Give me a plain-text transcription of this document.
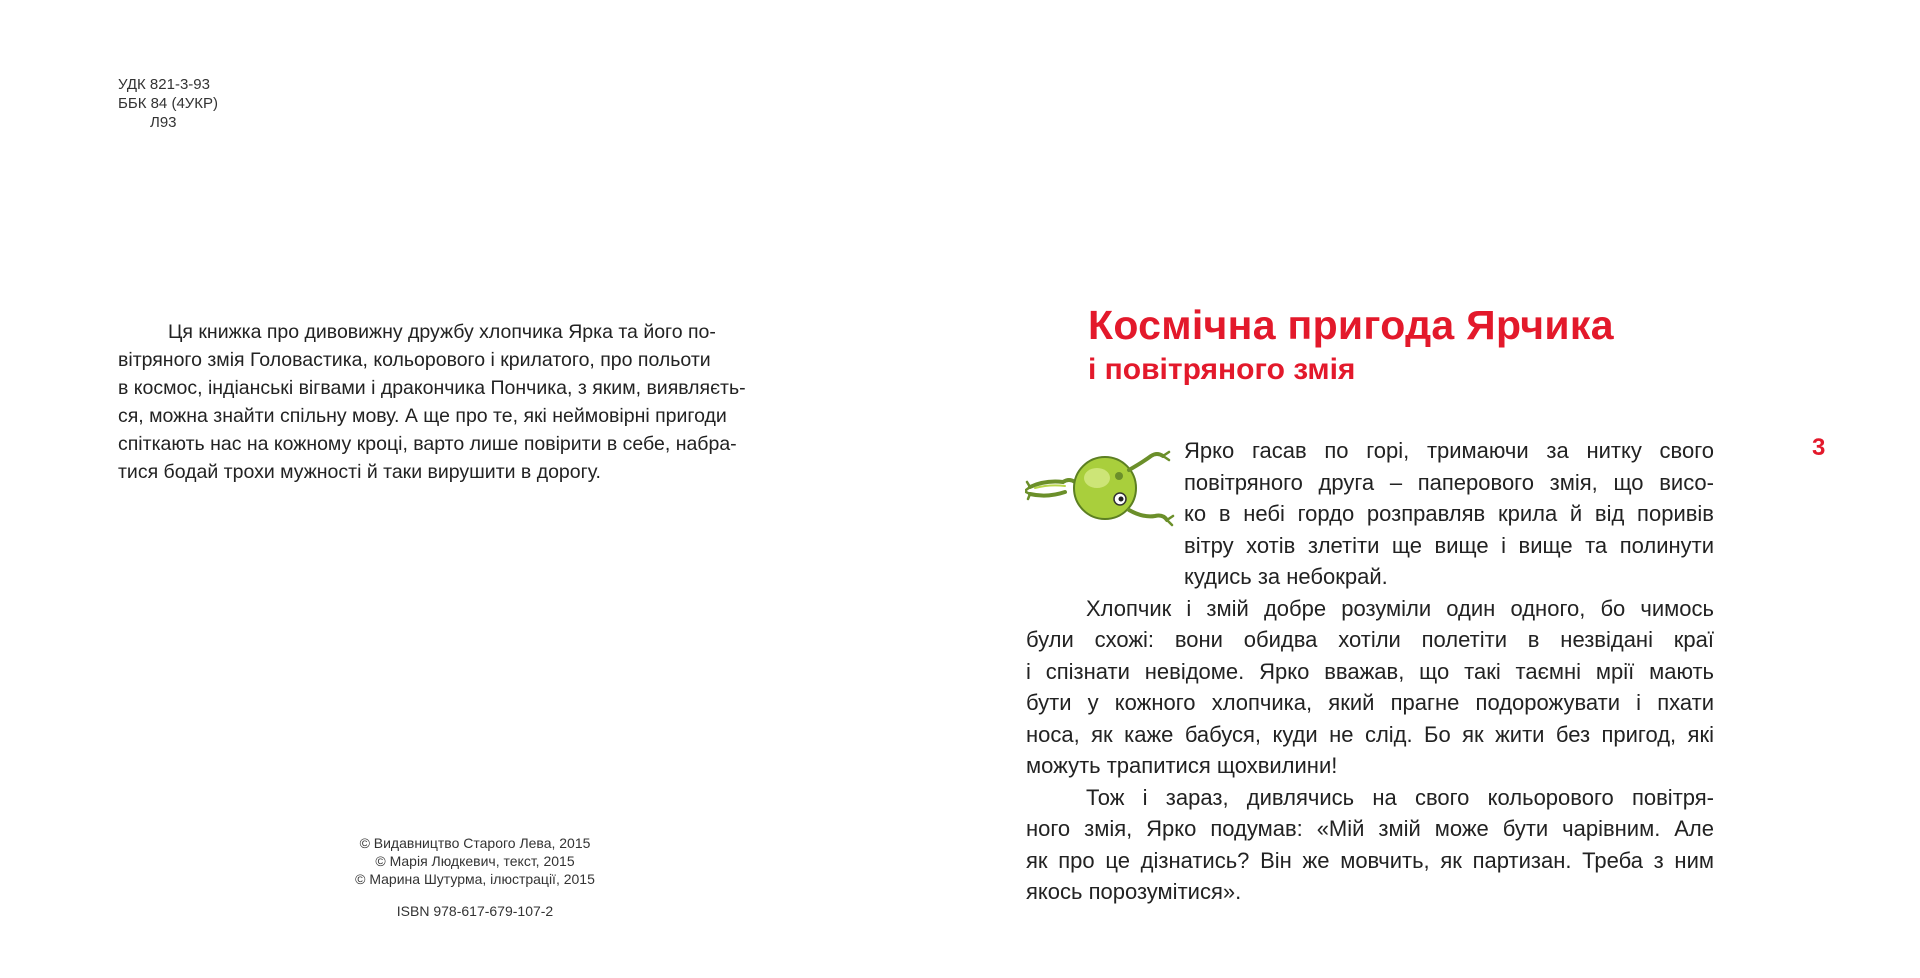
УДК 821-3-93
ББК 84 (4УКР)
Л93
Ця книжка про дивовижну дружбу хлопчика Ярка та його по-
вітряного змія Головастика, кольорового і крилатого, про польоти
в космос, індіанські вігвами і дракончика Пончика, з яким, виявляєть-
ся, можна знайти спільну мову. А ще про те, які неймовірні пригоди
спіткають нас на кожному кроці, варто лише повірити в себе, набра-
тися бодай трохи мужності й таки вирушити в дорогу.
© Видавництво Старого Лева, 2015
© Марія Людкевич, текст, 2015
© Марина Шутурма, ілюстрації, 2015
ISBN 978-617-679-107-2
Космічна пригода Ярчика
і повітряного змія
3
Ярко гасав по горі, тримаючи за нитку свого
повітряного друга – паперового змія, що висо-
ко в небі гордо розправляв крила й від поривів
вітру хотів злетіти ще вище і вище та полинути
кудись за небокрай.
Хлопчик і змій добре розуміли один одного, бо чимось
були схожі: вони обидва хотіли полетіти в незвідані краї
і спізнати невідоме. Ярко вважав, що такі таємні мрії мають
бути у кожного хлопчика, який прагне подорожувати і пхати
носа, як каже бабуся, куди не слід. Бо як жити без пригод, які
можуть трапитися щохвилини!
Тож і зараз, дивлячись на свого кольорового повітря-
ного змія, Ярко подумав: «Мій змій може бути чарівним. Але
як про це дізнатись? Він же мовчить, як партизан. Треба з ним
якось порозумітися».
